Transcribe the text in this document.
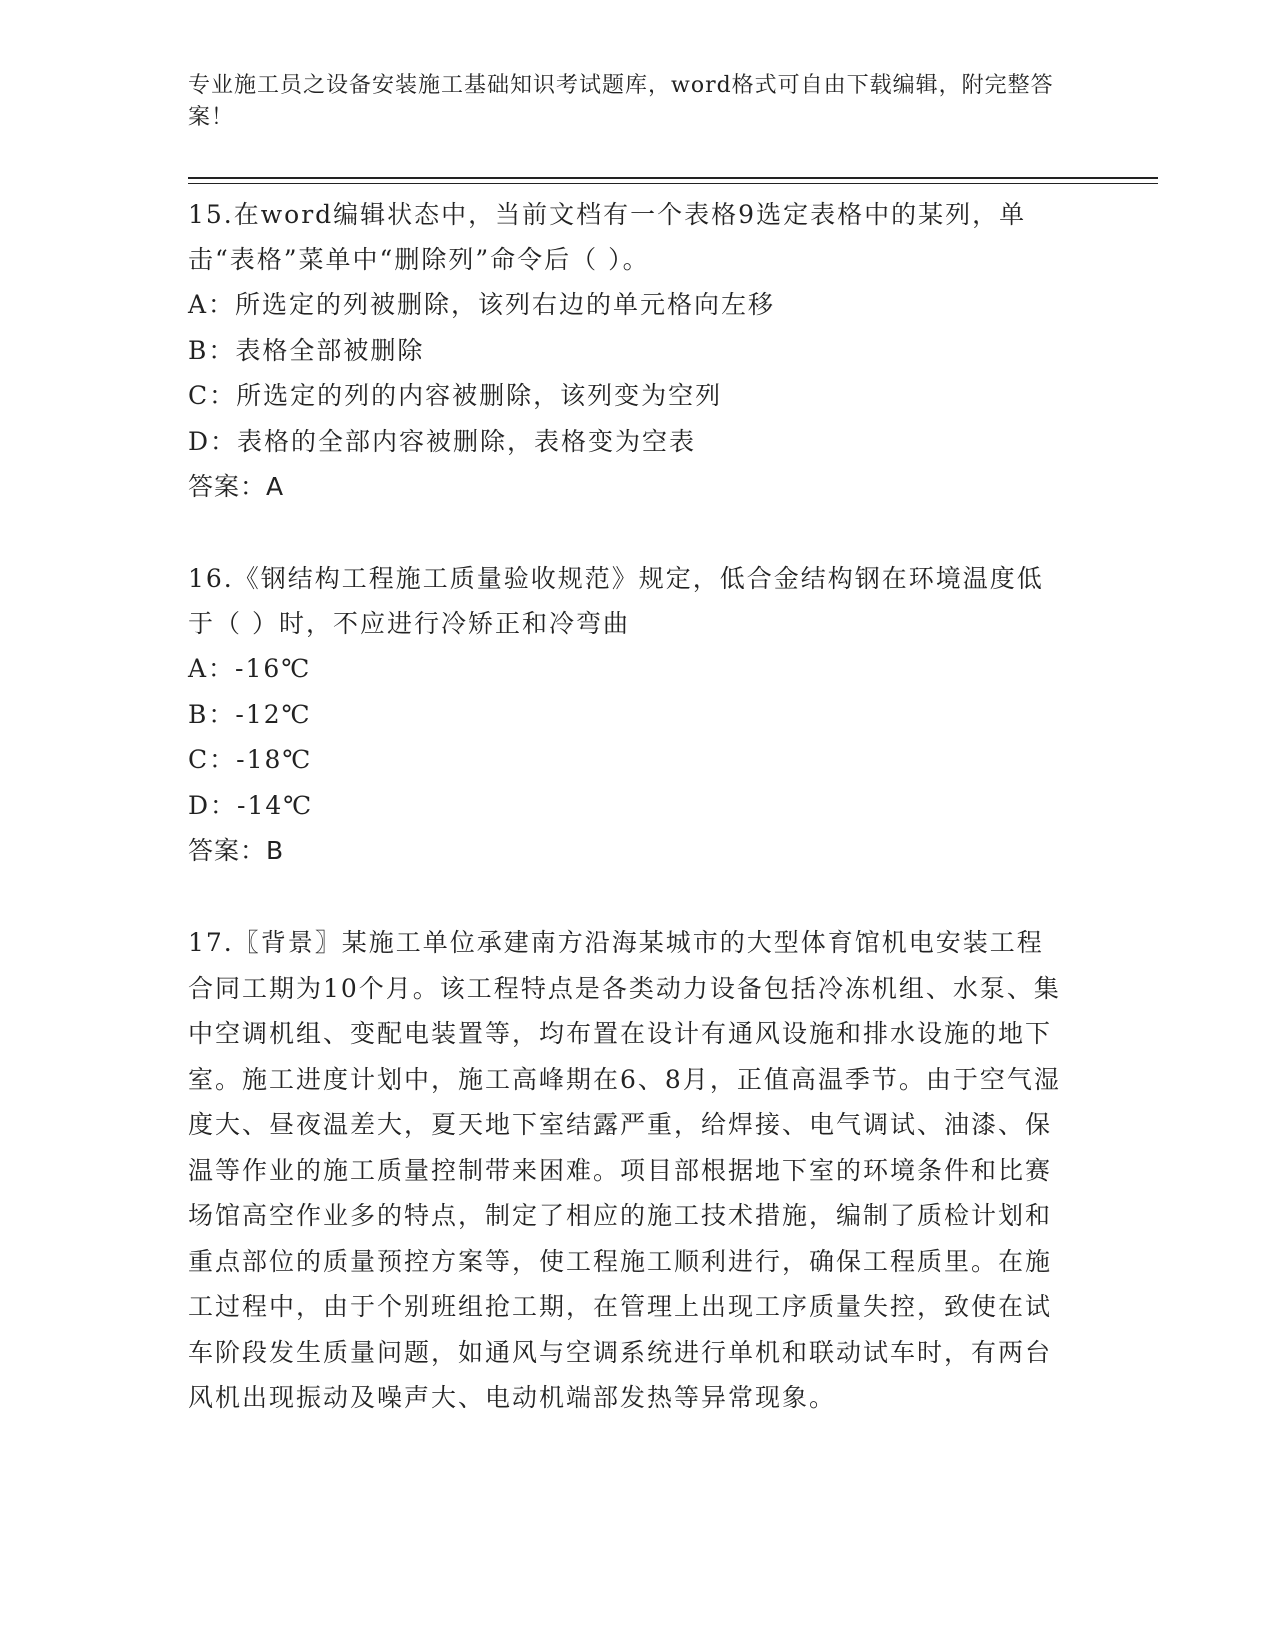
专业施工员之设备安装施工基础知识考试题库，word格式可自由下载编辑，附完整答案！

15.在word编辑状态中，当前文档有一个表格9选定表格中的某列，单击“表格”菜单中“删除列”命令后（ ）。

A：所选定的列被删除，该列右边的单元格向左移

B：表格全部被删除

C：所选定的列的内容被删除，该列变为空列

D：表格的全部内容被删除，表格变为空表

答案：A

16.《钢结构工程施工质量验收规范》规定，低合金结构钢在环境温度低于（ ）时，不应进行冷矫正和冷弯曲

A：-16℃

B：-12℃

C：-18℃

D：-14℃

答案：B

17.〖背景〗某施工单位承建南方沿海某城市的大型体育馆机电安装工程合同工期为10个月。该工程特点是各类动力设备包括冷冻机组、水泵、集中空调机组、变配电装置等，均布置在设计有通风设施和排水设施的地下室。施工进度计划中，施工高峰期在6、8月，正值高温季节。由于空气湿度大、昼夜温差大，夏天地下室结露严重，给焊接、电气调试、油漆、保温等作业的施工质量控制带来困难。项目部根据地下室的环境条件和比赛场馆高空作业多的特点，制定了相应的施工技术措施，编制了质检计划和重点部位的质量预控方案等，使工程施工顺利进行，确保工程质里。在施工过程中，由于个别班组抢工期，在管理上出现工序质量失控，致使在试车阶段发生质量问题，如通风与空调系统进行单机和联动试车时，有两台风机出现振动及噪声大、电动机端部发热等异常现象。
